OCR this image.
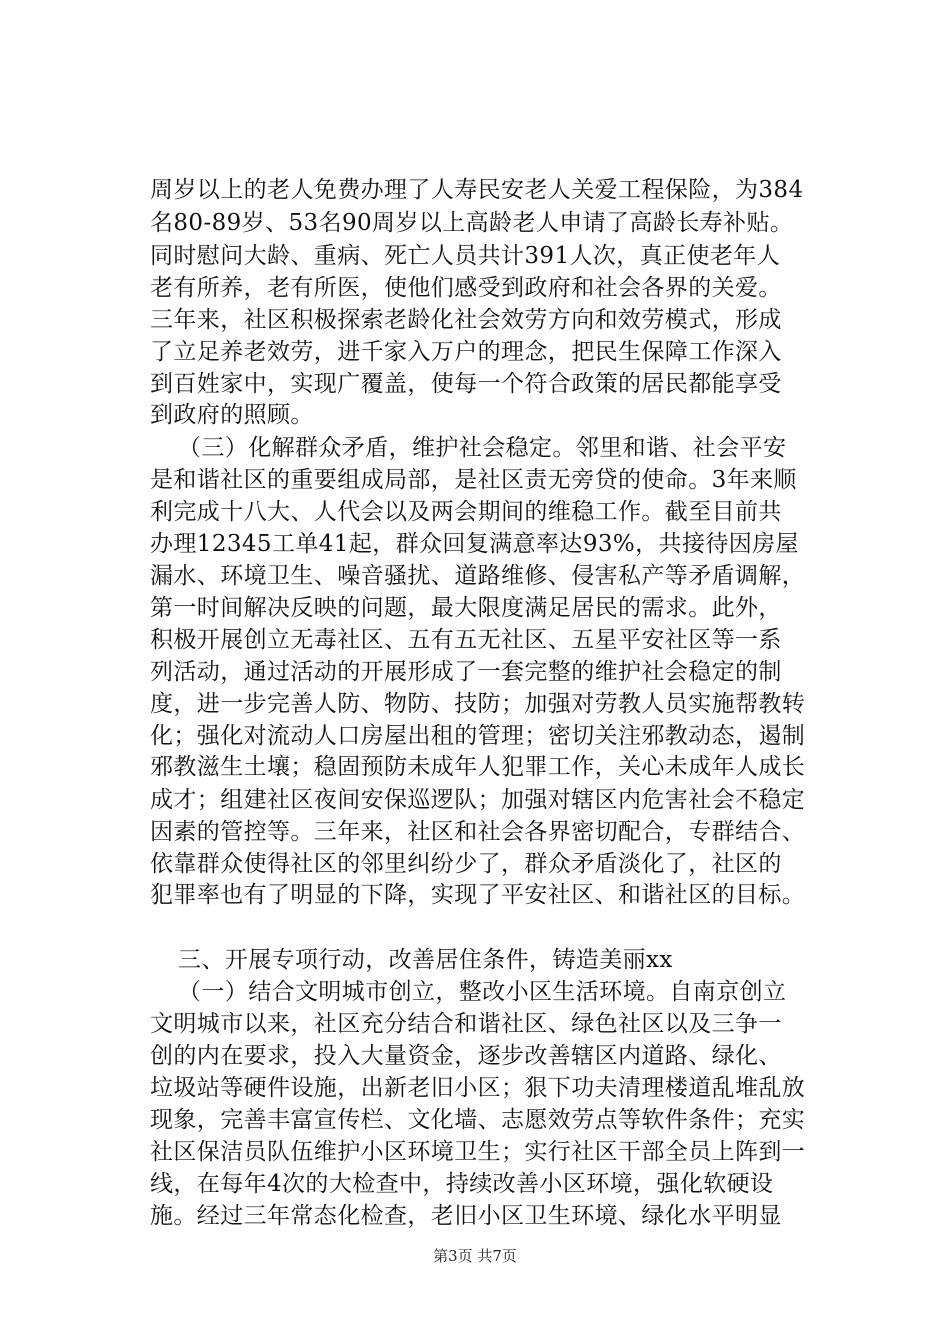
周岁以上的老人免费办理了人寿民安老人关爱工程保险，为384
名80-89岁、53名90周岁以上高龄老人申请了高龄长寿补贴。
同时慰问大龄、重病、死亡人员共计391人次，真正使老年人
老有所养，老有所医，使他们感受到政府和社会各界的关爱。
三年来，社区积极探索老龄化社会效劳方向和效劳模式，形成
了立足养老效劳，进千家入万户的理念，把民生保障工作深入
到百姓家中，实现广覆盖，使每一个符合政策的居民都能享受
到政府的照顾。
（三）化解群众矛盾，维护社会稳定。邻里和谐、社会平安
是和谐社区的重要组成局部，是社区责无旁贷的使命。3年来顺
利完成十八大、人代会以及两会期间的维稳工作。截至目前共
办理12345工单41起，群众回复满意率达93%，共接待因房屋
漏水、环境卫生、噪音骚扰、道路维修、侵害私产等矛盾调解，
第一时间解决反映的问题，最大限度满足居民的需求。此外，
积极开展创立无毒社区、五有五无社区、五星平安社区等一系
列活动，通过活动的开展形成了一套完整的维护社会稳定的制
度，进一步完善人防、物防、技防；加强对劳教人员实施帮教转
化；强化对流动人口房屋出租的管理；密切关注邪教动态，遏制
邪教滋生土壤；稳固预防未成年人犯罪工作，关心未成年人成长
成才；组建社区夜间安保巡逻队；加强对辖区内危害社会不稳定
因素的管控等。三年来，社区和社会各界密切配合，专群结合、
依靠群众使得社区的邻里纠纷少了，群众矛盾淡化了，社区的
犯罪率也有了明显的下降，实现了平安社区、和谐社区的目标。
三、开展专项行动，改善居住条件，铸造美丽xx
（一）结合文明城市创立，整改小区生活环境。自南京创立
文明城市以来，社区充分结合和谐社区、绿色社区以及三争一
创的内在要求，投入大量资金，逐步改善辖区内道路、绿化、
垃圾站等硬件设施，出新老旧小区；狠下功夫清理楼道乱堆乱放
现象，完善丰富宣传栏、文化墙、志愿效劳点等软件条件；充实
社区保洁员队伍维护小区环境卫生；实行社区干部全员上阵到一
线，在每年4次的大检查中，持续改善小区环境，强化软硬设
施。经过三年常态化检查，老旧小区卫生环境、绿化水平明显
第3页 共7页
